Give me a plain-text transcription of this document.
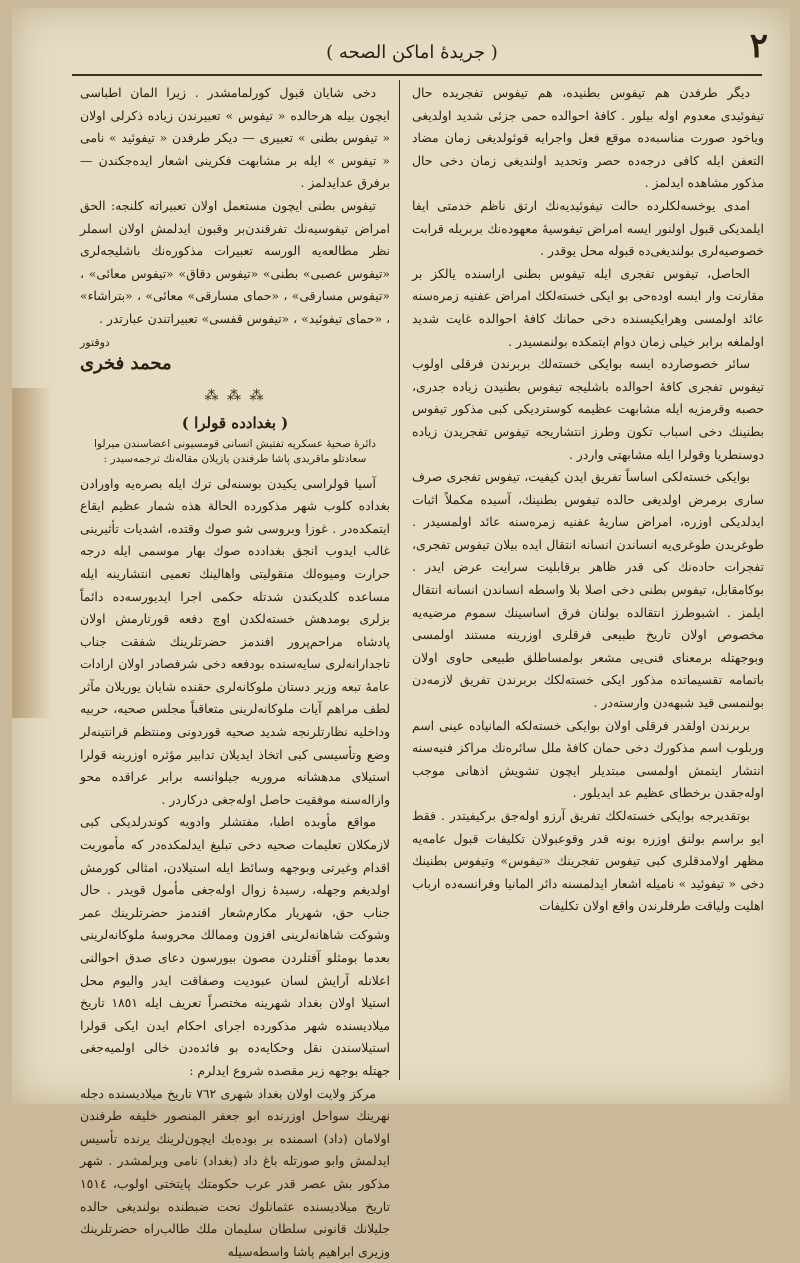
۲
( جریدهٔ اماکن الصحه )

دیگر طرفدن هم تیفوس بطنیده، هم تیفوس تفجریده حال تیفوئیدی معدوم اوله بیلور . کافهٔ احوالده حمی جزئی شدید اولدیغی وياخود صورت مناسبه‌ده موقع فعل واجرایه قوئولدیغی زمان مضاد التعفن ایله کافی درجه‌ده حصر وتحدید اولندیغی زمان دخی حال مذکور مشاهده ایدلمز .

امدی یوخسه‌لکلرده حالت تیفوئیدیه‌نك ارتق ناظم خدمتی ایفا ایلمدیکی قبول اولنور ایسه امراض تیفوسیهٔ معهوده‌نك بربریله قرابت خصوصیه‌لری بولندیغی‌ده قبوله محل یوقدر .

الحاصل، تیفوس تفجری ایله تیفوس بطنی اراسنده یالکز بر مقارنت وار ایسه اوده‌حی بو ایکی خسته‌لکك امراض عفنیه زمره‌سنه عائد اولمسی وهرایکیسنده دخی حمانك کافهٔ احوالده غایت شدید اولملغه برابر خیلی زمان دوام ایتمکده بولنمسیدر .

سائر خصوصارده ایسه بوایکی خسته‌لك بربرندن فرقلی اولوب تیفوس تفجری کافهٔ احوالده باشلیجه تیفوس بطنیدن زیاده جدری، حصبه وقرمزیه ایله مشابهت عظیمه کوستردیکی کبی مذکور تیفوس بطنینك دخی اسباب تکون وطرز انتشاریجه تیفوس تفجریدن زیاده دوسنطریا وقولرا ایله مشابهتی واردر .

بوایکی خسته‌لکی اساساً تفریق ایدن کیفیت، تیفوس تفجری صرف ساری برمرض اولدیغی حالده تیفوس بطنینك، آسیده مکملاً اثبات ایدلدیکی اوزره، امراض ساریهٔ عفنیه زمره‌سنه عائد اولمسیدر . طوغریدن طوغری‌یه انساندن انسانه انتقال ایده بیلان تیفوس تفجری، تفجرات حاده‌نك کی قدر ظاهر برقابلیت سرایت عرض ایدر . بوکامقابل، تیفوس بطنی دخی اصلا بلا واسطه انساندن انسانه انتقال ایلمز . اشبوطرز انتقالده بولنان فرق اساسینك سموم مرضیه‌یه مخصوص اولان تاریخ طبیعی فرقلری اوزرینه مستند اولمسی وبوجهتله برمعنای فنی‌یی مشعر بولمساطلق طبیعی حاوی اولان باتمامه تقسیماتده مذکور ایکی خسته‌لکك بربرندن تفریق لازمه‌دن بولنمسی قید شبهه‌دن وارسته‌در .

بربرندن اولقدر فرقلی اولان بوایکی خسته‌لکه المانیاده عینی اسم وربلوب اسم مذکورك دخی حمان کافهٔ ملل سائره‌نك مراکز فنیه‌سنه انتشار ایتمش اولمسی مبتدیلر ایچون تشویش اذهانی موجب اوله‌جقدن برخطای عظیم عد ایدیلور .

بوتقدیرجه بوایکی خسته‌لکك تفریق آرزو اوله‌جق برکیفیتدر . فقط ایو براسم بولنق اوزره بونه قدر وقوعبولان تکلیفات قبول عامه‌یه مظهر اولامدقلری کبی تیفوس تفجرینك «تیفوس» وتیفوس بطنینك دخی « تیفوئید » نامیله اشعار ایدلمسنه دائر المانیا وفرانسه‌ده ارباب اهلیت ولیاقت طرفلرندن واقع اولان تکلیفات

دخی شایان قبول کورلمامشدر . زیرا المان اطباسی ایچون بیله هرحالده « تیفوس » تعبیرندن زیاده ذکرلی اولان « تیفوس بطنی » تعبیری — دیکر طرفدن « تیفوئید » نامی « تیفوس » ایله بر مشابهت فکرینی اشعار ایده‌جکندن — برفرق عدایدلمز .

تیفوس بطنی ایچون مستعمل اولان تعبیراته کلنجه: الحق امراض تیفوسیه‌نك تفرقندن‌بر وقبون ایدلمش اولان اسملر نظر مطالعه‌یه الورسه تعبیرات مذکوره‌نك باشلیجه‌لری «تیفوس عصبی» بطنی» «تیفوس دقاق» «تیفوس معائی» ، «تیفوس مسارقی» ، «حمای مسارقی» معائی» ، «بتراشاء» ، «حمای تیفوئید» ، «تیفوس قفسی» تعبیراتندن عبارتدر .

دوقتور
محمد فخری
⁂ ⁂ ⁂
( بغدادده قولرا )
دائرهٔ صحیهٔ عسکریه تفتیش انسانی قومسیونی اعضاسندن میرلوا سعادتلو ماقریدی پاشا طرفندن یازیلان مقاله‌نك ترجمه‌سیدر :

آسیا قولراسی یکیدن بوسنه‌لی ترك ایله بصره‌یه واورادن بغداده کلوب شهر مذکورده الحالة هذه شمار عظیم ایقاع ایتمکده‌در . غوزا وبروسی شو صوك وقتده، اشدیات تأثیرینی غالب ایدوب انجق بغدادده صوك بهار موسمی ایله درجه حرارت ومیوه‌لك منقولیتی واهالینك تعمیی انتشارینه ایله مساعده کلدیکندن شدتله حکمی اجرا ایدیورسه‌ده دائماً بزلری بومدهش خسته‌لکدن اوچ دفعه قورتارمش اولان پادشاه مراحم‌پرور افندمز حضرتلرینك شفقت جناب تاجدارانه‌لری سایه‌سنده بودفعه دخی شرفصادر اولان ارادات عامهٔ تبعه وزیر دستان ملوکانه‌لری حقنده شایان یوریلان مآثر لطف مراهم آیات ملوکانه‌لرینی متعاقباً مجلس صحیه، حربیه وداخلیه نظارتلرنجه شدید صحیه قوردونی ومنتظم قرانتینه‌لر وضع وتأسیسی کبی اتخاذ ایدیلان تدابیر مؤثره اوزرینه قولرا استیلای مدهشانه مروریه جیلوانسه برابر عراقده محو وازاله‌سنه موفقیت حاصل اوله‌جغی درکاردر .

مواقع مأوبده اطبا، مفتشلر وادویه کوندرلدیکی کبی لازمکلان تعلیمات صحیه دخی تبلیغ ایدلمکده‌در که مأموریت اقدام وغیرتی وبوجهه وسائط ایله استیلادن، امثالی کورمش اولدیغم وجهله، رسیدهٔ زوال اوله‌جغی مأمول قویدر . حال جناب حق، شهریار مکارم‌شعار افندمز حضرتلرینك عمر وشوکت شاهانه‌لرینی افزون وممالك محروسهٔ ملوکانه‌لرینی بعدما بومثلو آفتلردن مصون بیورسون دعای صدق احوالنی اعلانله آرایش لسان عبودیت وصفاقت ایدر والیوم محل استیلا اولان بغداد شهرینه مختصراً تعریف ایله ١٨٥١ تاریخ میلادیسنده شهر مذکورده اجرای احکام ایدن ایکی قولرا استیلاسندن نقل وحکایه‌ده بو فائده‌دن خالی اولمیه‌جغی جهتله بوجهه زیر مقصده شروع ایدلرم :

مرکز ولایت اولان بغداد شهری ٧٦٢ تاریخ میلادیسنده دجله نهرینك سواحل اوزرنده ابو جعفر المنصور خلیفه طرفندن اولامان (داد) اسمنده بر بوده‌بك ایچون‌لرینك یرنده تأسیس ایدلمش وابو صورتله باغ داد (بغداد) نامی ویرلمشدر . شهر مذکور بش عصر قدر عرب حکومتك پایتختی اولوب، ١٥١٤ تاریخ میلادیسنده عثمانلو‌ك تحت ضبطنده بولندیغی حالده جلیلانك قانونی سلطان سلیمان ملك طالب‌راه حضرتلرینك وزیری ابراهیم پاشا واسطه‌سیله
